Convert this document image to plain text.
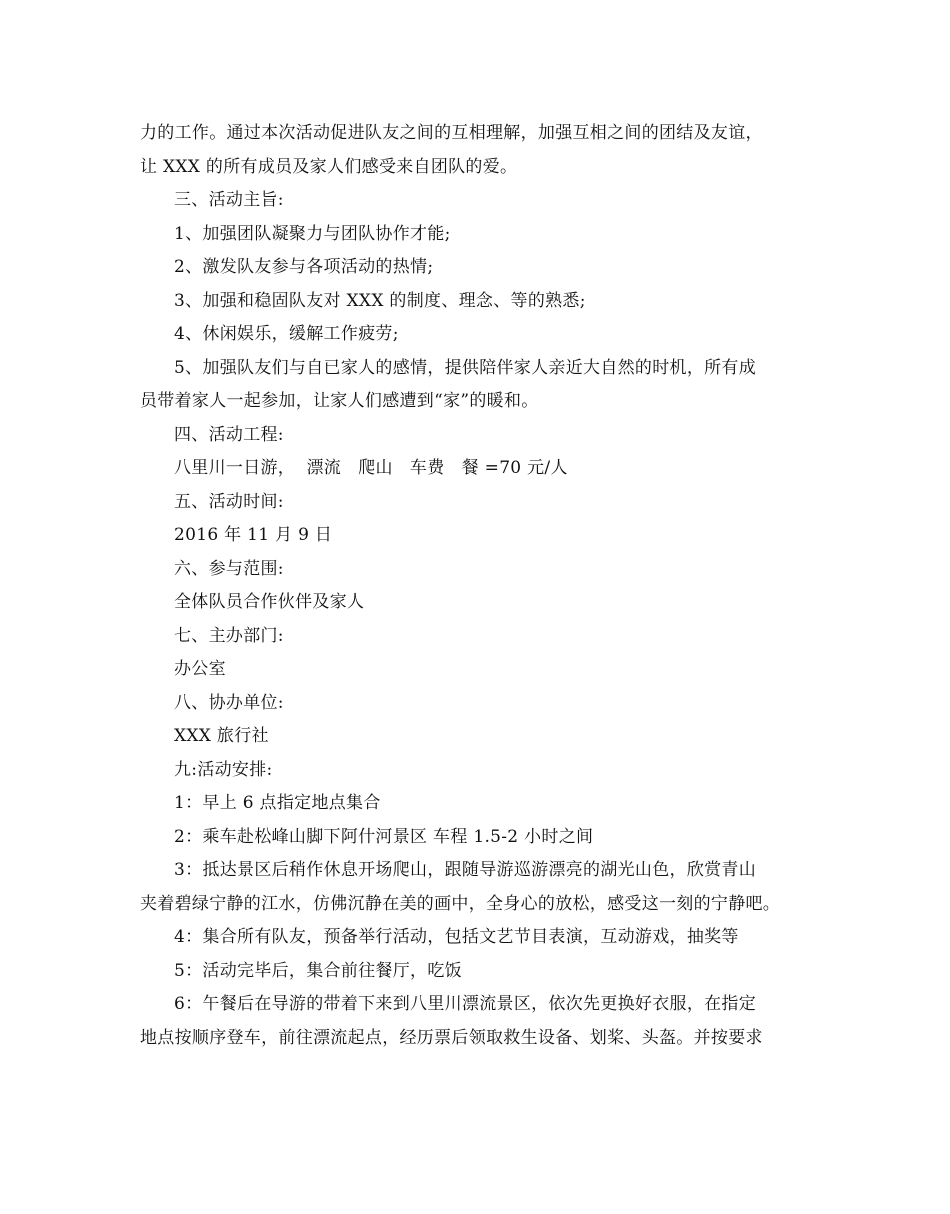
力的工作。通过本次活动促进队友之间的互相理解，加强互相之间的团结及友谊，
让 XXX 的所有成员及家人们感受来自团队的爱。
三、活动主旨:
1、加强团队凝聚力与团队协作才能;
2、激发队友参与各项活动的热情;
3、加强和稳固队友对 XXX 的制度、理念、等的熟悉;
4、休闲娱乐，缓解工作疲劳;
5、加强队友们与自已家人的感情，提供陪伴家人亲近大自然的时机，所有成
员带着家人一起参加，让家人们感遭到“家”的暖和。
四、活动工程:
八里川一日游，  漂流   爬山   车费   餐 =70 元/人
五、活动时间:
2016 年 11 月 9 日
六、参与范围:
全体队员合作伙伴及家人
七、主办部门:
办公室
八、协办单位:
XXX 旅行社
九:活动安排:
1：早上 6 点指定地点集合
2：乘车赴松峰山脚下阿什河景区 车程 1.5-2 小时之间
3：抵达景区后稍作休息开场爬山，跟随导游巡游漂亮的湖光山色，欣赏青山
夹着碧绿宁静的江水，仿佛沉静在美的画中，全身心的放松，感受这一刻的宁静吧。
4：集合所有队友，预备举行活动，包括文艺节目表演，互动游戏，抽奖等
5：活动完毕后，集合前往餐厅，吃饭
6：午餐后在导游的带着下来到八里川漂流景区，依次先更换好衣服，在指定
地点按顺序登车，前往漂流起点，经历票后领取救生设备、划桨、头盔。并按要求
